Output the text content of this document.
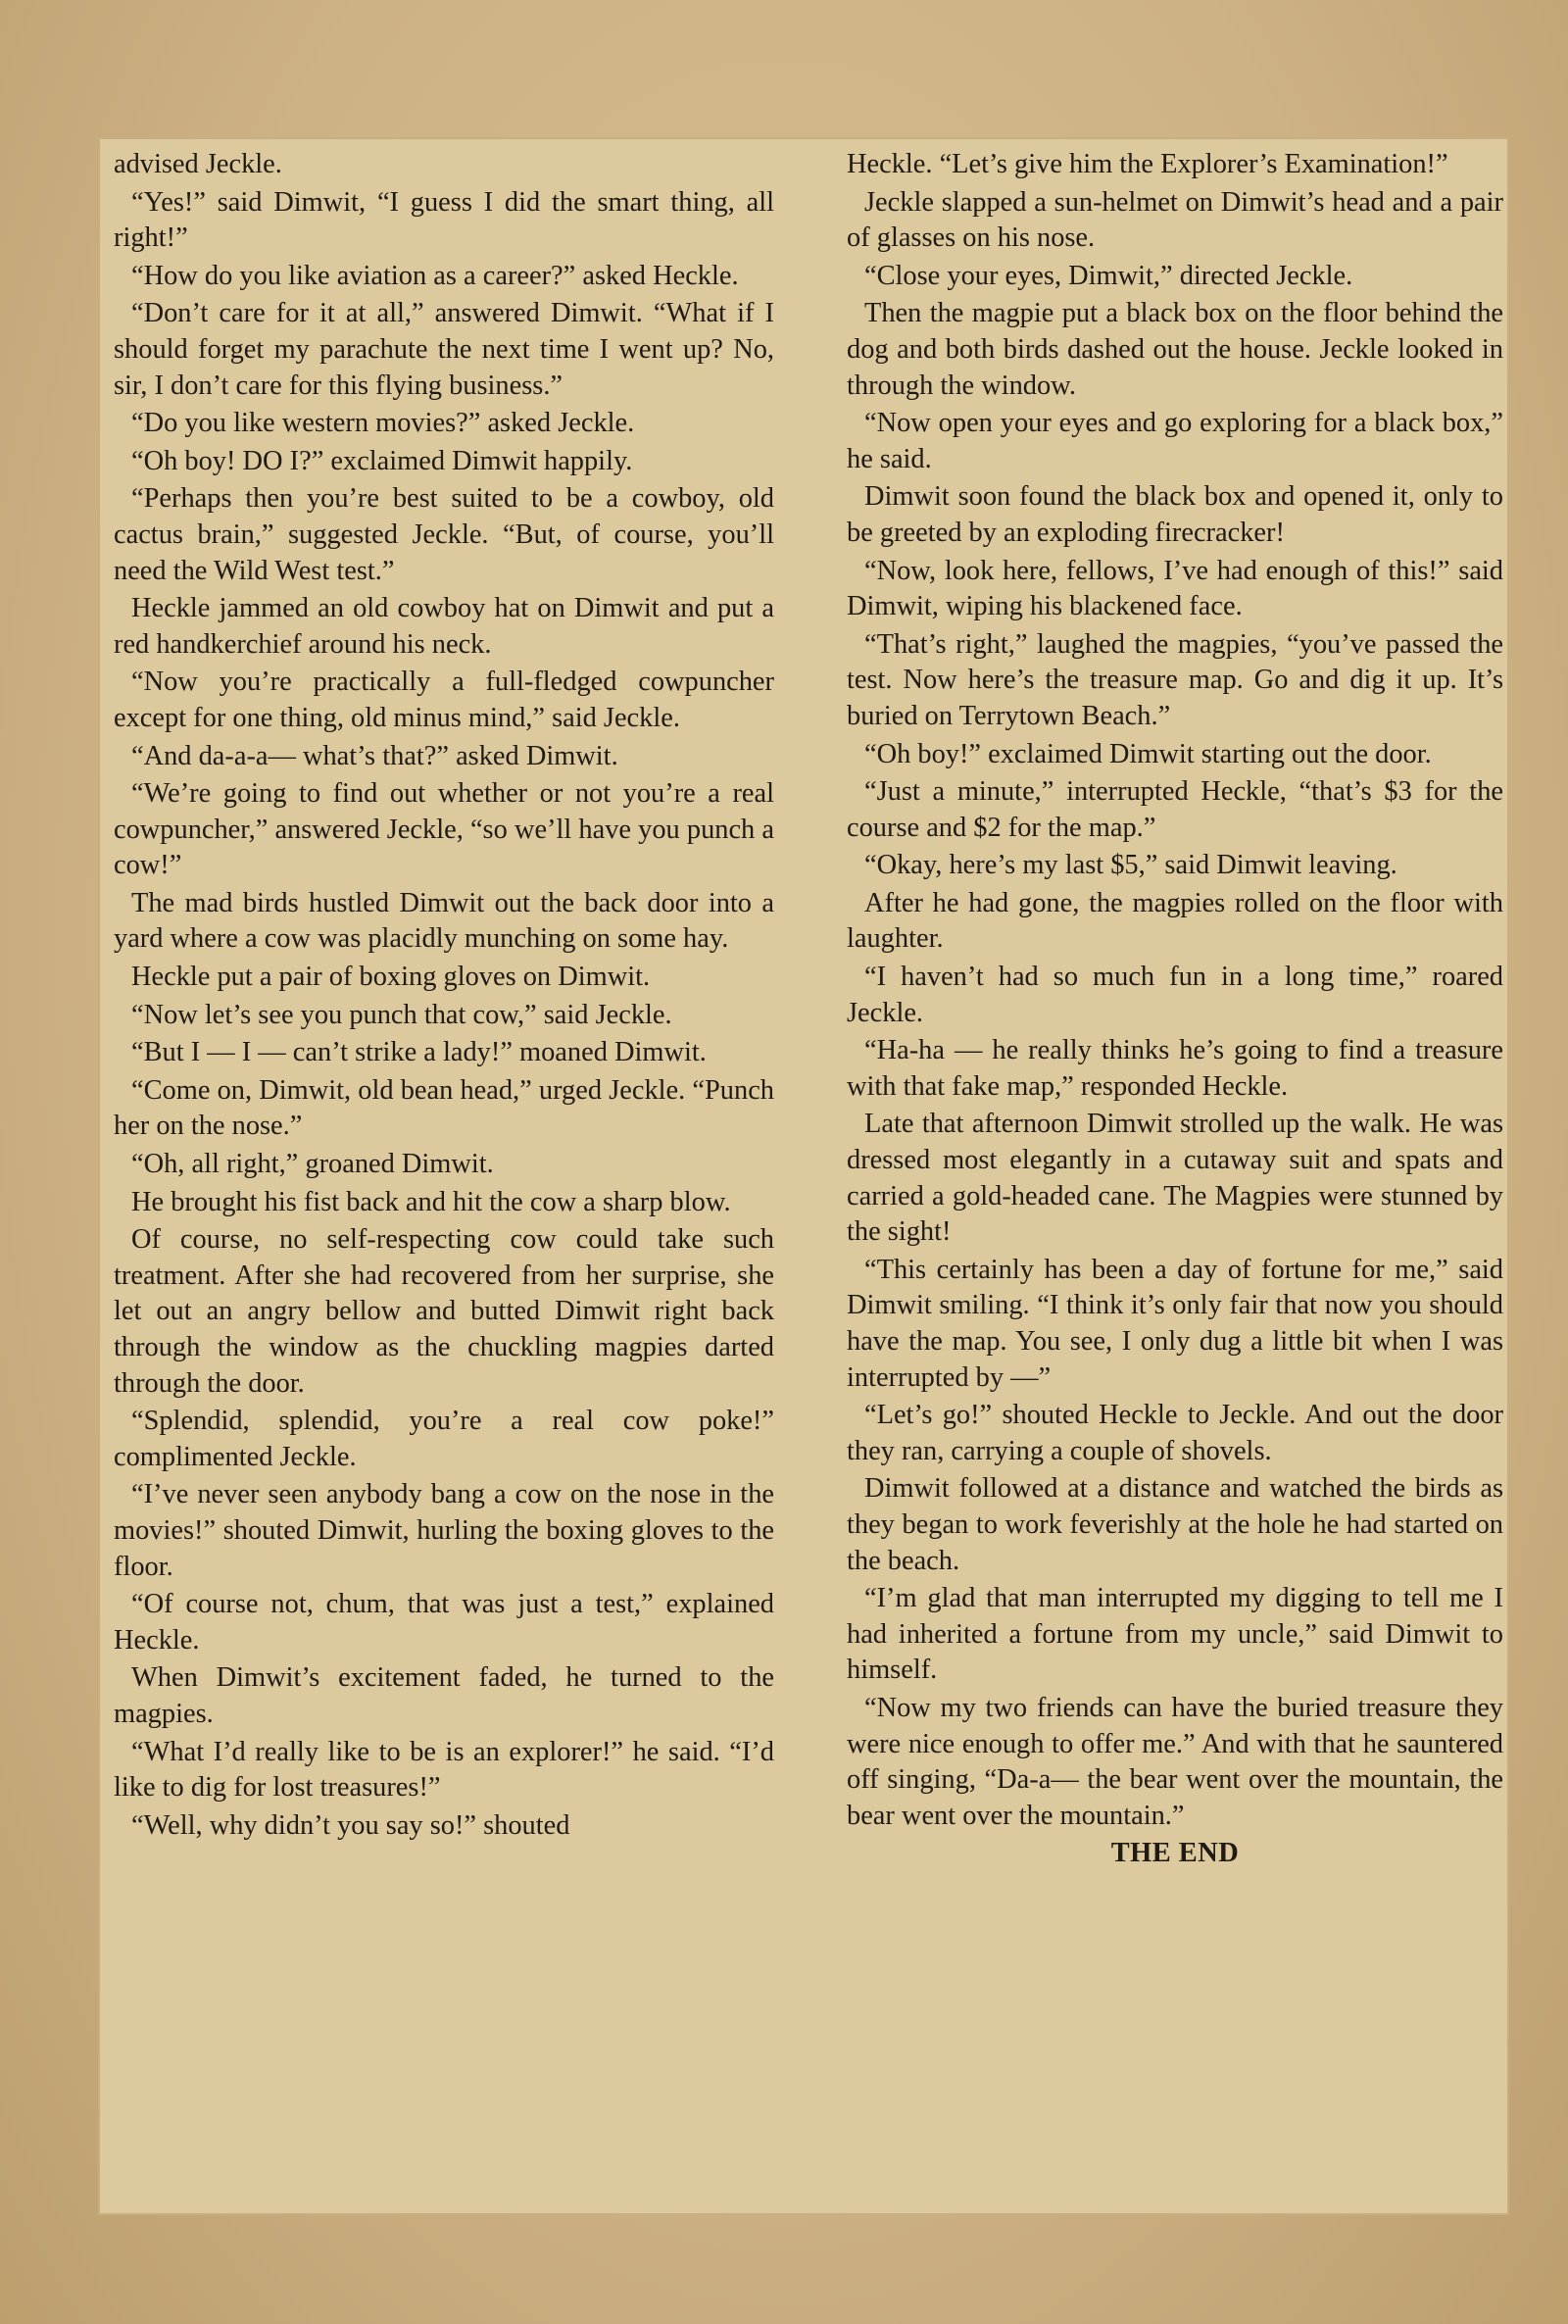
advised Jeckle.

“Yes!” said Dimwit, “I guess I did the smart thing, all right!”

“How do you like aviation as a career?” asked Heckle.

“Don’t care for it at all,” answered Dimwit. “What if I should forget my parachute the next time I went up? No, sir, I don’t care for this flying business.”

“Do you like western movies?” asked Jeckle.

“Oh boy! DO I?” exclaimed Dimwit happily.

“Perhaps then you’re best suited to be a cowboy, old cactus brain,” suggested Jeckle. “But, of course, you’ll need the Wild West test.”

Heckle jammed an old cowboy hat on Dimwit and put a red handkerchief around his neck.

“Now you’re practically a full-fledged cowpuncher except for one thing, old minus mind,” said Jeckle.

“And da-a-a— what’s that?” asked Dimwit.

“We’re going to find out whether or not you’re a real cowpuncher,” answered Jeckle, “so we’ll have you punch a cow!”

The mad birds hustled Dimwit out the back door into a yard where a cow was placidly munching on some hay.

Heckle put a pair of boxing gloves on Dimwit.

“Now let’s see you punch that cow,” said Jeckle.

“But I — I — can’t strike a lady!” moaned Dimwit.

“Come on, Dimwit, old bean head,” urged Jeckle. “Punch her on the nose.”

“Oh, all right,” groaned Dimwit.

He brought his fist back and hit the cow a sharp blow.

Of course, no self-respecting cow could take such treatment. After she had recovered from her surprise, she let out an angry bellow and butted Dimwit right back through the window as the chuckling magpies darted through the door.

“Splendid, splendid, you’re a real cow poke!” complimented Jeckle.

“I’ve never seen anybody bang a cow on the nose in the movies!” shouted Dimwit, hurling the boxing gloves to the floor.

“Of course not, chum, that was just a test,” explained Heckle.

When Dimwit’s excitement faded, he turned to the magpies.

“What I’d really like to be is an explorer!” he said. “I’d like to dig for lost treasures!”

“Well, why didn’t you say so!” shouted

Heckle. “Let’s give him the Explorer’s Examination!”

Jeckle slapped a sun-helmet on Dimwit’s head and a pair of glasses on his nose.

“Close your eyes, Dimwit,” directed Jeckle.

Then the magpie put a black box on the floor behind the dog and both birds dashed out the house. Jeckle looked in through the window.

“Now open your eyes and go exploring for a black box,” he said.

Dimwit soon found the black box and opened it, only to be greeted by an exploding firecracker!

“Now, look here, fellows, I’ve had enough of this!” said Dimwit, wiping his blackened face.

“That’s right,” laughed the magpies, “you’ve passed the test. Now here’s the treasure map. Go and dig it up. It’s buried on Terrytown Beach.”

“Oh boy!” exclaimed Dimwit starting out the door.

“Just a minute,” interrupted Heckle, “that’s $3 for the course and $2 for the map.”

“Okay, here’s my last $5,” said Dimwit leaving.

After he had gone, the magpies rolled on the floor with laughter.

“I haven’t had so much fun in a long time,” roared Jeckle.

“Ha-ha — he really thinks he’s going to find a treasure with that fake map,” responded Heckle.

Late that afternoon Dimwit strolled up the walk. He was dressed most elegantly in a cutaway suit and spats and carried a gold-headed cane. The Magpies were stunned by the sight!

“This certainly has been a day of fortune for me,” said Dimwit smiling. “I think it’s only fair that now you should have the map. You see, I only dug a little bit when I was interrupted by —”

“Let’s go!” shouted Heckle to Jeckle. And out the door they ran, carrying a couple of shovels.

Dimwit followed at a distance and watched the birds as they began to work feverishly at the hole he had started on the beach.

“I’m glad that man interrupted my digging to tell me I had inherited a fortune from my uncle,” said Dimwit to himself.

“Now my two friends can have the buried treasure they were nice enough to offer me.” And with that he sauntered off singing, “Da-a— the bear went over the mountain, the bear went over the mountain.”

THE END
